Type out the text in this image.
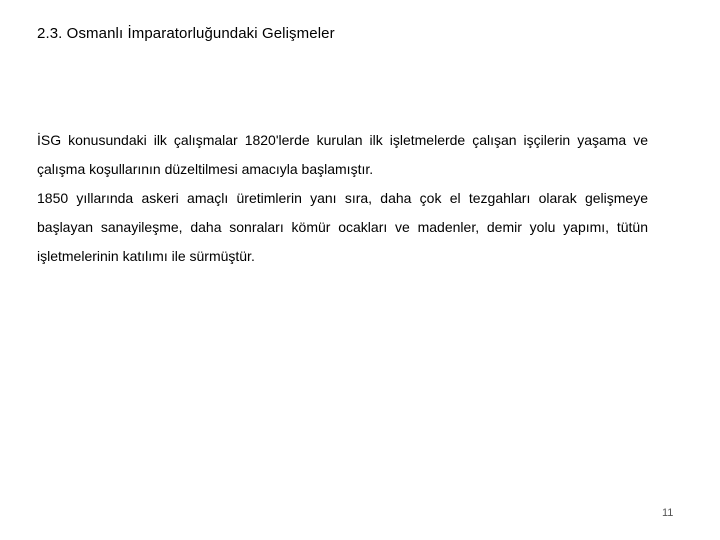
2.3. Osmanlı İmparatorluğundaki Gelişmeler

İSG konusundaki ilk çalışmalar 1820'lerde kurulan ilk işletmelerde çalışan işçilerin yaşama ve çalışma koşullarının düzeltilmesi amacıyla başlamıştır.

1850 yıllarında askeri amaçlı üretimlerin yanı sıra, daha çok el tezgahları olarak gelişmeye başlayan sanayileşme, daha sonraları kömür ocakları ve madenler, demir yolu yapımı, tütün işletmelerinin katılımı ile sürmüştür.

11
